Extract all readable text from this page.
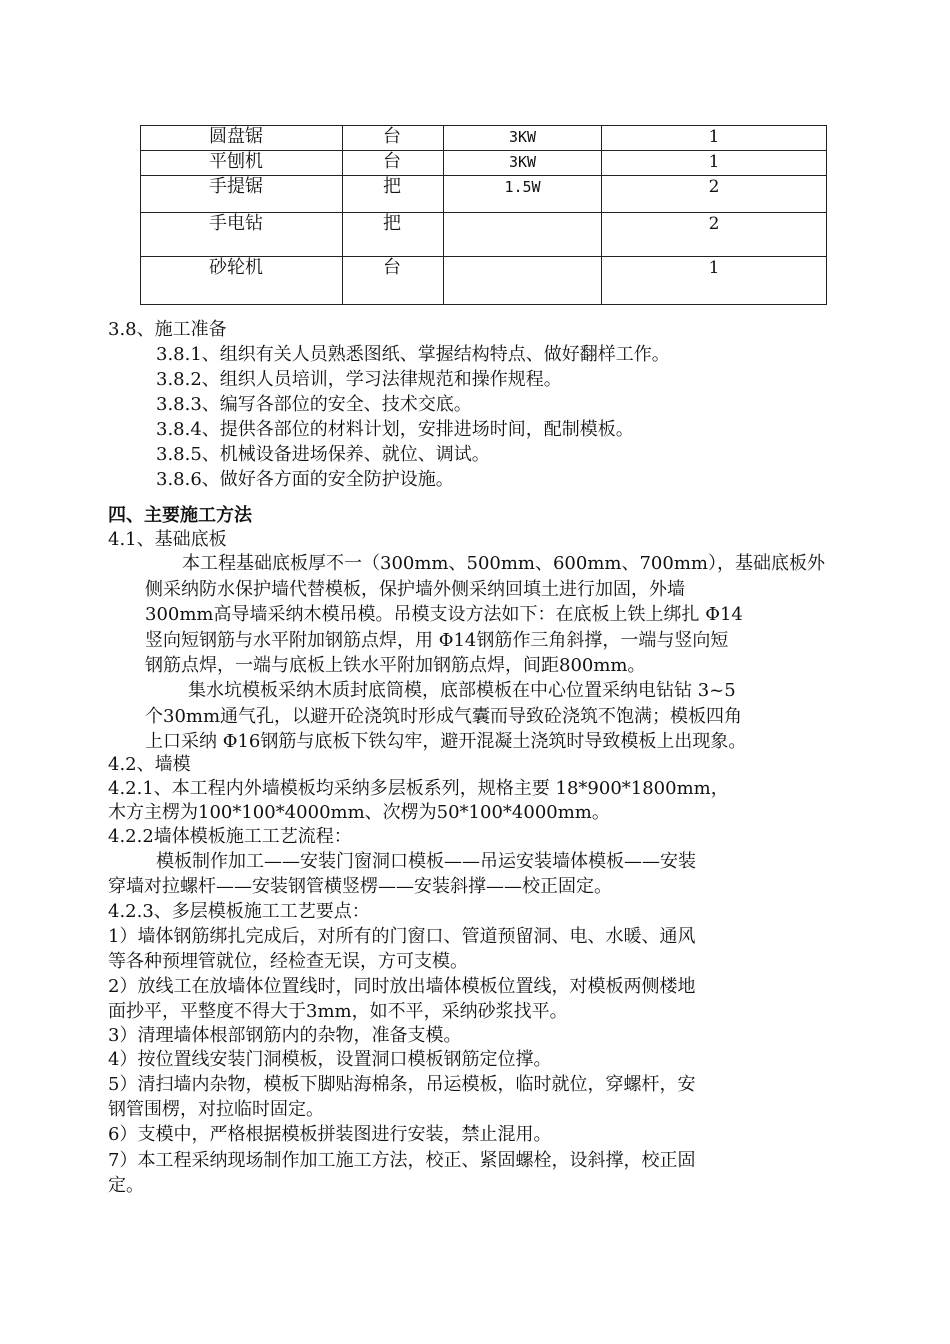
圆盘锯	台	3KW	1
平刨机	台	3KW	1
手提锯	把	1.5W	2
手电钻	把		2
砂轮机	台		1
3.8、施工准备
3.8.1、组织有关人员熟悉图纸、掌握结构特点、做好翻样工作。
3.8.2、组织人员培训，学习法律规范和操作规程。
3.8.3、编写各部位的安全、技术交底。
3.8.4、提供各部位的材料计划，安排进场时间，配制模板。
3.8.5、机械设备进场保养、就位、调试。
3.8.6、做好各方面的安全防护设施。
四、主要施工方法
4.1、基础底板
本工程基础底板厚不一（300mm、500mm、600mm、700mm），基础底板外
侧采纳防水保护墙代替模板，保护墙外侧采纳回填土进行加固，外墙
300mm高导墙采纳木模吊模。吊模支设方法如下：在底板上铁上绑扎 Φ14
竖向短钢筋与水平附加钢筋点焊，用 Φ14钢筋作三角斜撑，一端与竖向短
钢筋点焊，一端与底板上铁水平附加钢筋点焊，间距800mm。
集水坑模板采纳木质封底筒模，底部模板在中心位置采纳电钻钻 3~5
个30mm通气孔，以避开砼浇筑时形成气囊而导致砼浇筑不饱满；模板四角
上口采纳 Φ16钢筋与底板下铁勾牢，避开混凝土浇筑时导致模板上出现象。
4.2、墙模
4.2.1、本工程内外墙模板均采纳多层板系列，规格主要 18*900*1800mm，
木方主楞为100*100*4000mm、次楞为50*100*4000mm。
4.2.2墙体模板施工工艺流程：
模板制作加工——安装门窗洞口模板——吊运安装墙体模板——安装
穿墙对拉螺杆——安装钢管横竖楞——安装斜撑——校正固定。
4.2.3、多层模板施工工艺要点：
1）墙体钢筋绑扎完成后，对所有的门窗口、管道预留洞、电、水暖、通风
等各种预埋管就位，经检查无误，方可支模。
2）放线工在放墙体位置线时，同时放出墙体模板位置线，对模板两侧楼地
面抄平，平整度不得大于3mm，如不平，采纳砂浆找平。
3）清理墙体根部钢筋内的杂物，准备支模。
4）按位置线安装门洞模板，设置洞口模板钢筋定位撑。
5）清扫墙内杂物，模板下脚贴海棉条，吊运模板，临时就位，穿螺杆，安
钢管围楞，对拉临时固定。
6）支模中，严格根据模板拼装图进行安装，禁止混用。
7）本工程采纳现场制作加工施工方法，校正、紧固螺栓，设斜撑，校正固
定。
